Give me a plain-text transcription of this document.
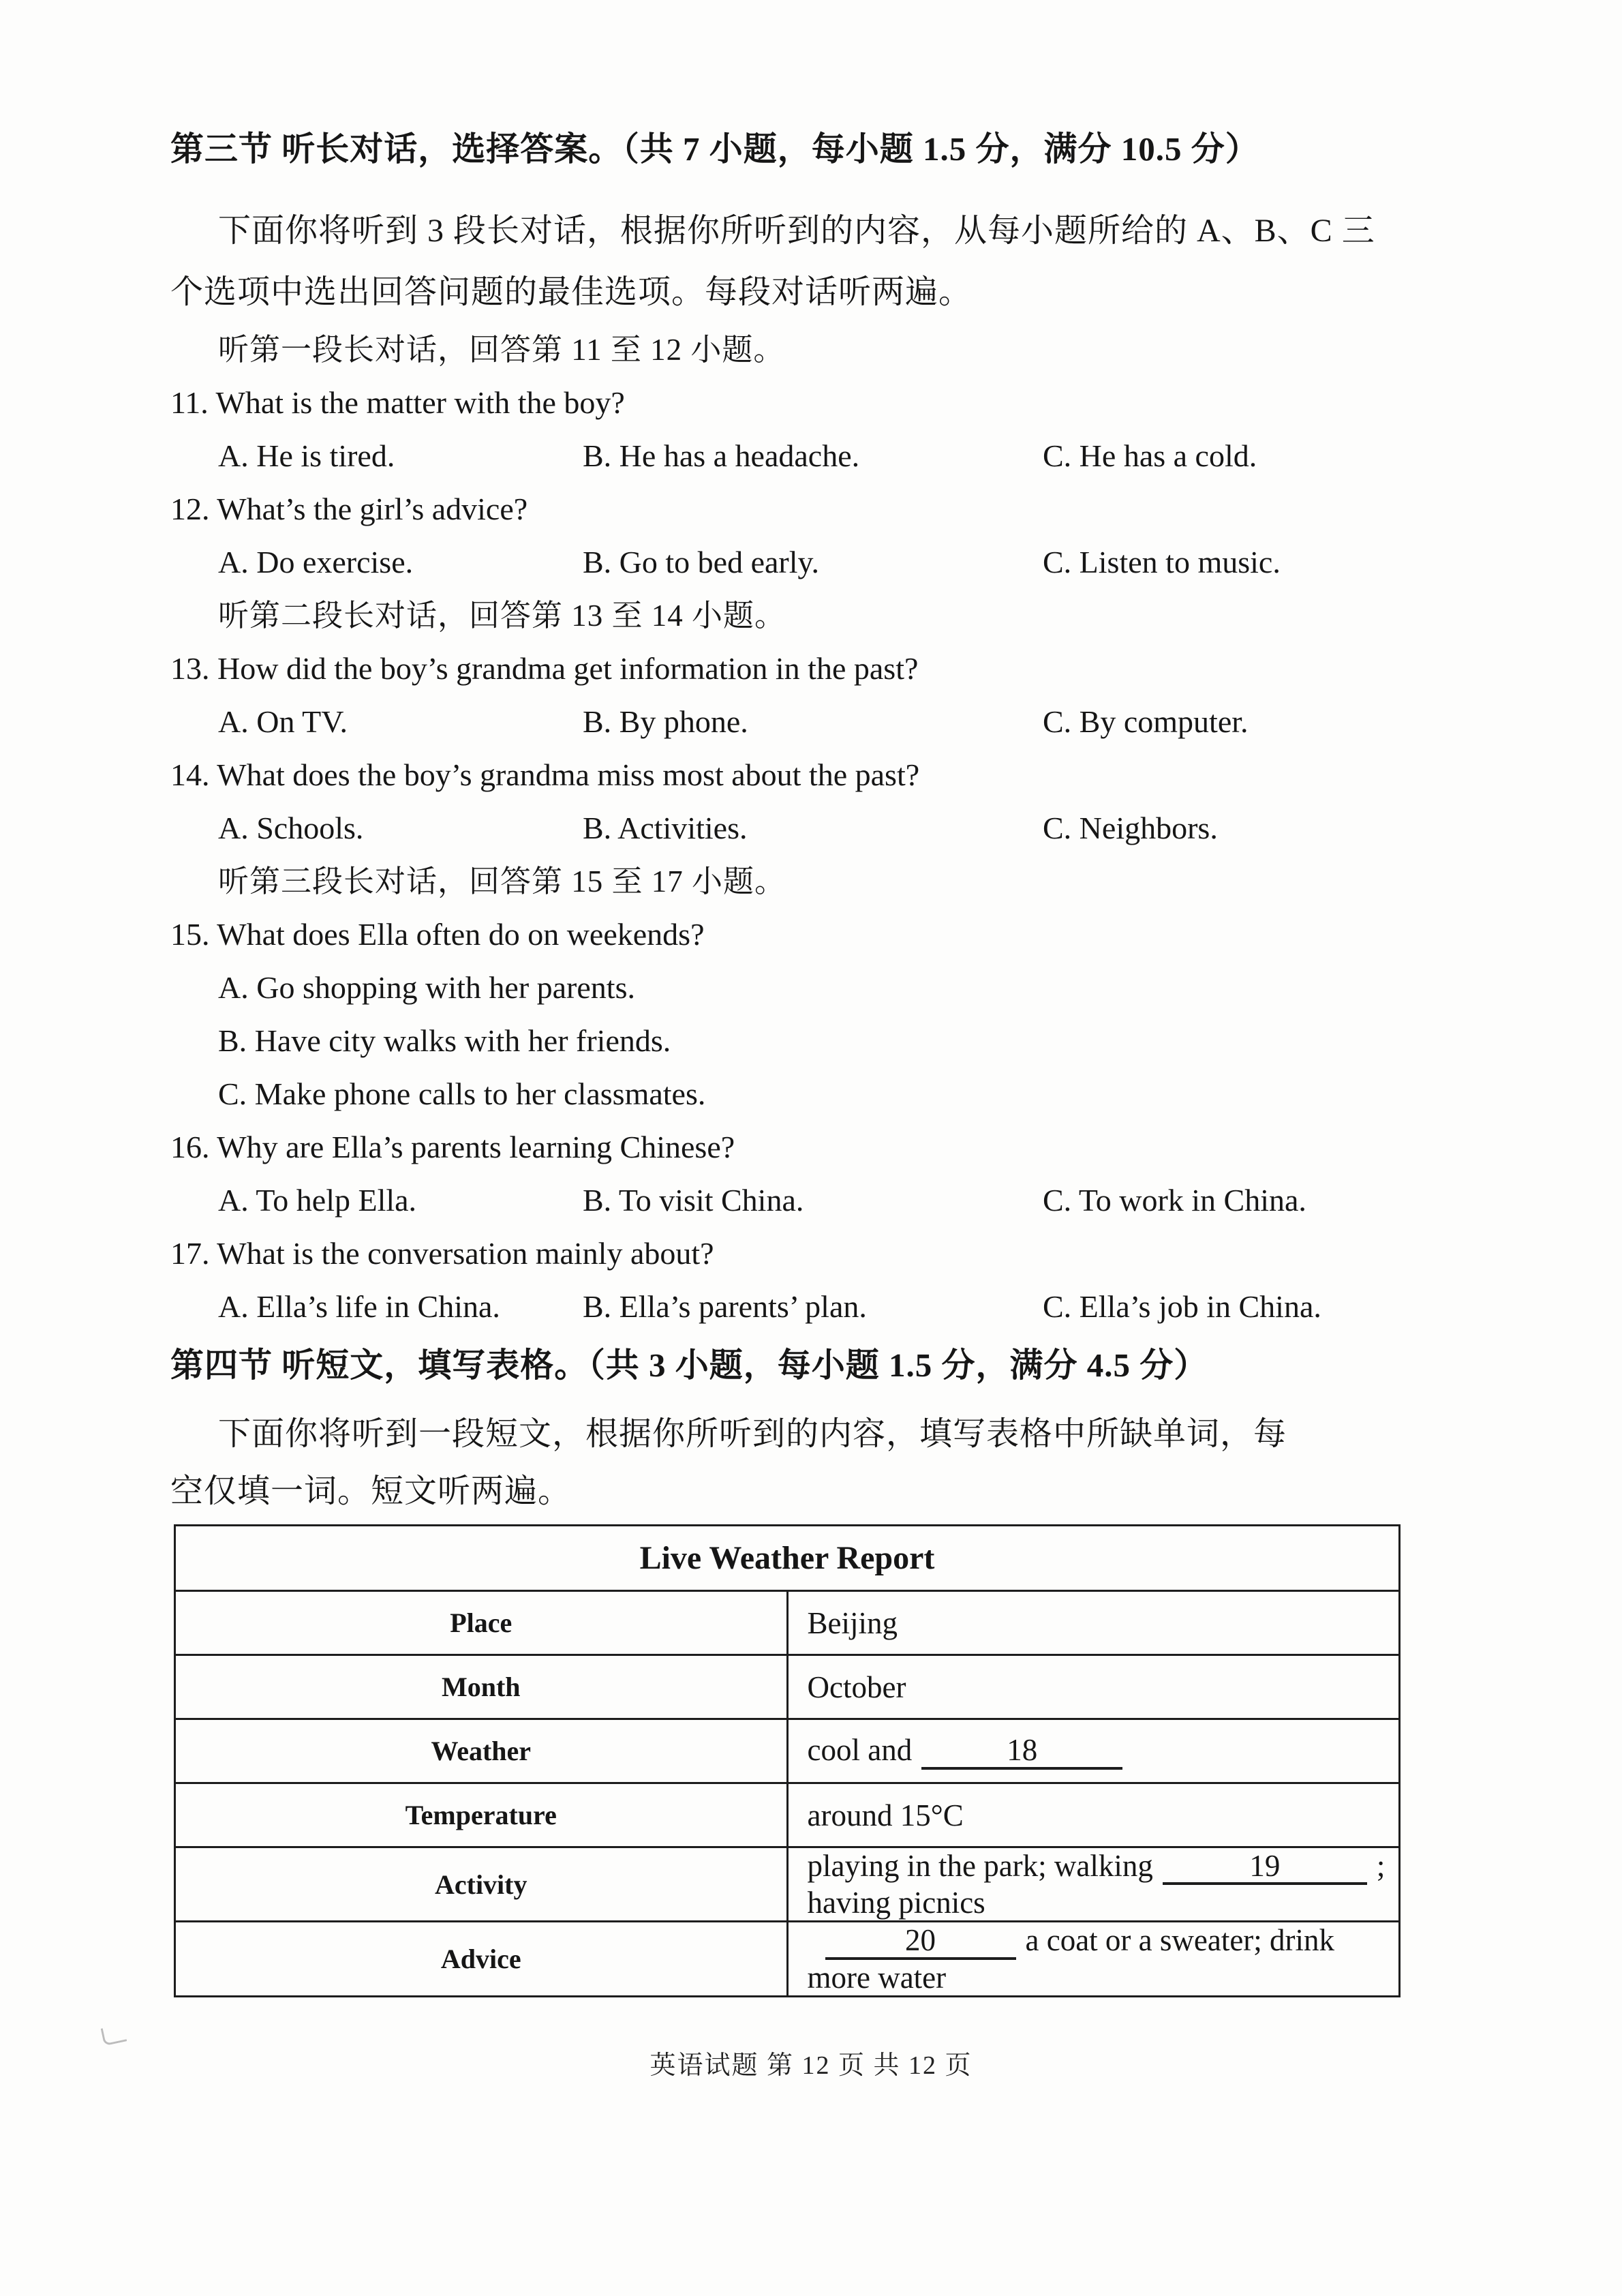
第三节 听长对话，选择答案。（共 7 小题，每小题 1.5 分，满分 10.5 分）
下面你将听到 3 段长对话，根据你所听到的内容，从每小题所给的 A、B、C 三
个选项中选出回答问题的最佳选项。每段对话听两遍。
听第一段长对话，回答第 11 至 12 小题。
11. What is the matter with the boy?
A. He is tired.	B. He has a headache.	C. He has a cold.
12. What’s the girl’s advice?
A. Do exercise.	B. Go to bed early.	C. Listen to music.
听第二段长对话，回答第 13 至 14 小题。
13. How did the boy’s grandma get information in the past?
A. On TV.	B. By phone.	C. By computer.
14. What does the boy’s grandma miss most about the past?
A. Schools.	B. Activities.	C. Neighbors.
听第三段长对话，回答第 15 至 17 小题。
15. What does Ella often do on weekends?
A. Go shopping with her parents.
B. Have city walks with her friends.
C. Make phone calls to her classmates.
16. Why are Ella’s parents learning Chinese?
A. To help Ella.	B. To visit China.	C. To work in China.
17. What is the conversation mainly about?
A. Ella’s life in China.	B. Ella’s parents’ plan.	C. Ella’s job in China.
第四节 听短文，填写表格。（共 3 小题，每小题 1.5 分，满分 4.5 分）
下面你将听到一段短文，根据你所听到的内容，填写表格中所缺单词，每
空仅填一词。短文听两遍。
Live Weather Report	
Place	Beijing
Month	October
Weather	cool and 18
Temperature	around 15°C
Activity	playing in the park; walking 19 ; having picnics
Advice	20 a coat or a sweater; drink more water
英语试题 第 12 页 共 12 页
